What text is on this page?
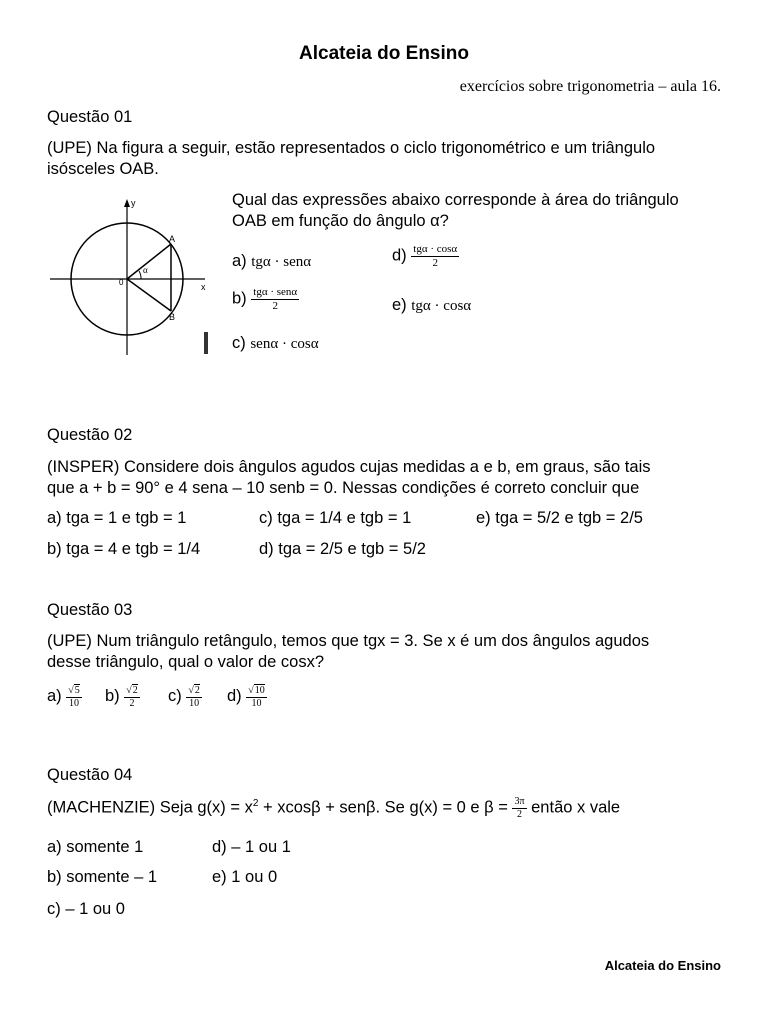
Alcateia do Ensino
exercícios sobre trigonometria – aula 16.
Questão 01
(UPE) Na figura a seguir, estão representados o ciclo trigonométrico e um triângulo
isósceles OAB.
y
x
0
A
B
α
Qual das expressões abaixo corresponde à área do triângulo
OAB em função do ângulo α?
a) tgα · senα	$d) \frac{\text{tgα · cosα}}{2}$
$b) \frac{\text{tgα · senα}}{2}$	e) tgα · cosα
c) senα · cosα
Questão 02
(INSPER) Considere dois ângulos agudos cujas medidas a e b, em graus, são tais
que a + b = 90° e 4 sena – 10 senb = 0. Nessas condições é correto concluir que
a) tga = 1 e tgb = 1	c) tga = 1/4 e tgb = 1	e) tga = 5/2 e tgb = 2/5
b) tga = 4 e tgb = 1/4	d) tga = 2/5 e tgb = 5/2
Questão 03
(UPE) Num triângulo retângulo, temos que tgx = 3. Se x é um dos ângulos agudos
desse triângulo, qual o valor de cosx?
$a) \frac{√5}{10} b) \frac{√2}{2} c) \frac{√2}{10} d) \frac{√10}{10}$
Questão 04
(MACHENZIE) Seja $g(x) = x^2 + xcos\beta + sen\beta$. Se g(x) = 0 e $\beta = \frac{3\pi}{2}$ então x vale
a) somente 1	d) – 1 ou 1
b) somente – 1	e) 1 ou 0
c) – 1 ou 0
Alcateia do Ensino
